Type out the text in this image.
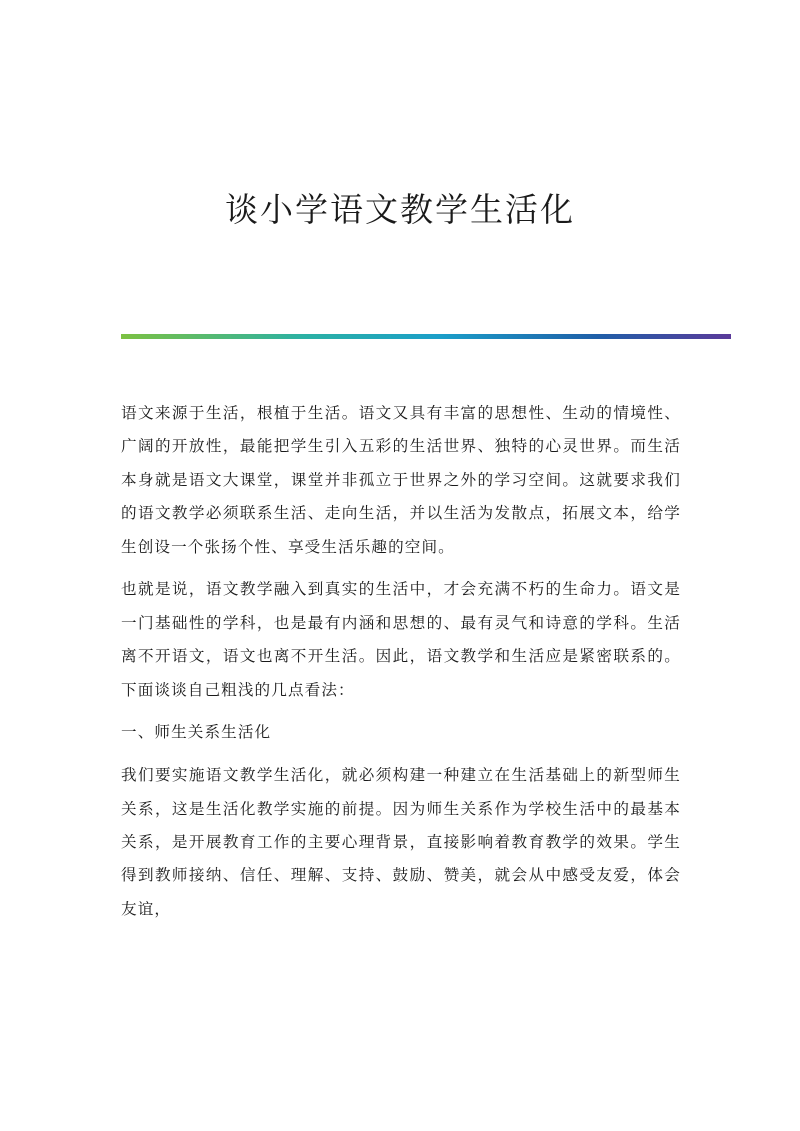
谈小学语文教学生活化

语文来源于生活，根植于生活。语文又具有丰富的思想性、生动的情境性、广阔的开放性，最能把学生引入五彩的生活世界、独特的心灵世界。而生活本身就是语文大课堂，课堂并非孤立于世界之外的学习空间。这就要求我们的语文教学必须联系生活、走向生活，并以生活为发散点，拓展文本，给学生创设一个张扬个性、享受生活乐趣的空间。

也就是说，语文教学融入到真实的生活中，才会充满不朽的生命力。语文是一门基础性的学科，也是最有内涵和思想的、最有灵气和诗意的学科。生活离不开语文，语文也离不开生活。因此，语文教学和生活应是紧密联系的。下面谈谈自己粗浅的几点看法：

一、师生关系生活化

我们要实施语文教学生活化，就必须构建一种建立在生活基础上的新型师生关系，这是生活化教学实施的前提。因为师生关系作为学校生活中的最基本关系，是开展教育工作的主要心理背景，直接影响着教育教学的效果。学生得到教师接纳、信任、理解、支持、鼓励、赞美，就会从中感受友爱，体会友谊，
